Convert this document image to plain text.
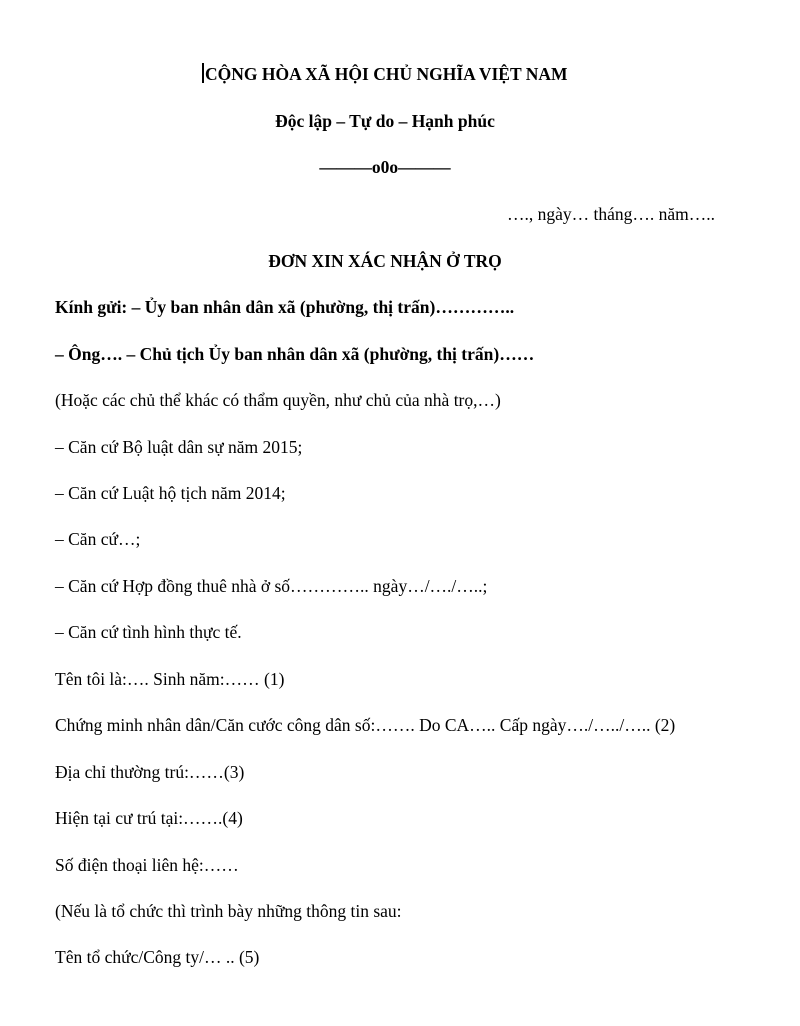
CỘNG HÒA XÃ HỘI CHỦ NGHĨA VIỆT NAM
Độc lập – Tự do – Hạnh phúc
———o0o———
…., ngày… tháng…. năm…..
ĐƠN XIN XÁC NHẬN Ở TRỌ
Kính gửi: – Ủy ban nhân dân xã (phường, thị trấn)…………..
– Ông…. – Chủ tịch Ủy ban nhân dân xã (phường, thị trấn)……
(Hoặc các chủ thể khác có thẩm quyền, như chủ của nhà trọ,…)
– Căn cứ Bộ luật dân sự năm 2015;
– Căn cứ Luật hộ tịch năm 2014;
– Căn cứ…;
– Căn cứ Hợp đồng thuê nhà ở số………….. ngày…/…./…..;
– Căn cứ tình hình thực tế.
Tên tôi là:…. Sinh năm:…… (1)
Chứng minh nhân dân/Căn cước công dân số:……. Do CA….. Cấp ngày…./…../….. (2)
Địa chỉ thường trú:……(3)
Hiện tại cư trú tại:…….(4)
Số điện thoại liên hệ:……
(Nếu là tổ chức thì trình bày những thông tin sau:
Tên tổ chức/Công ty/… .. (5)
